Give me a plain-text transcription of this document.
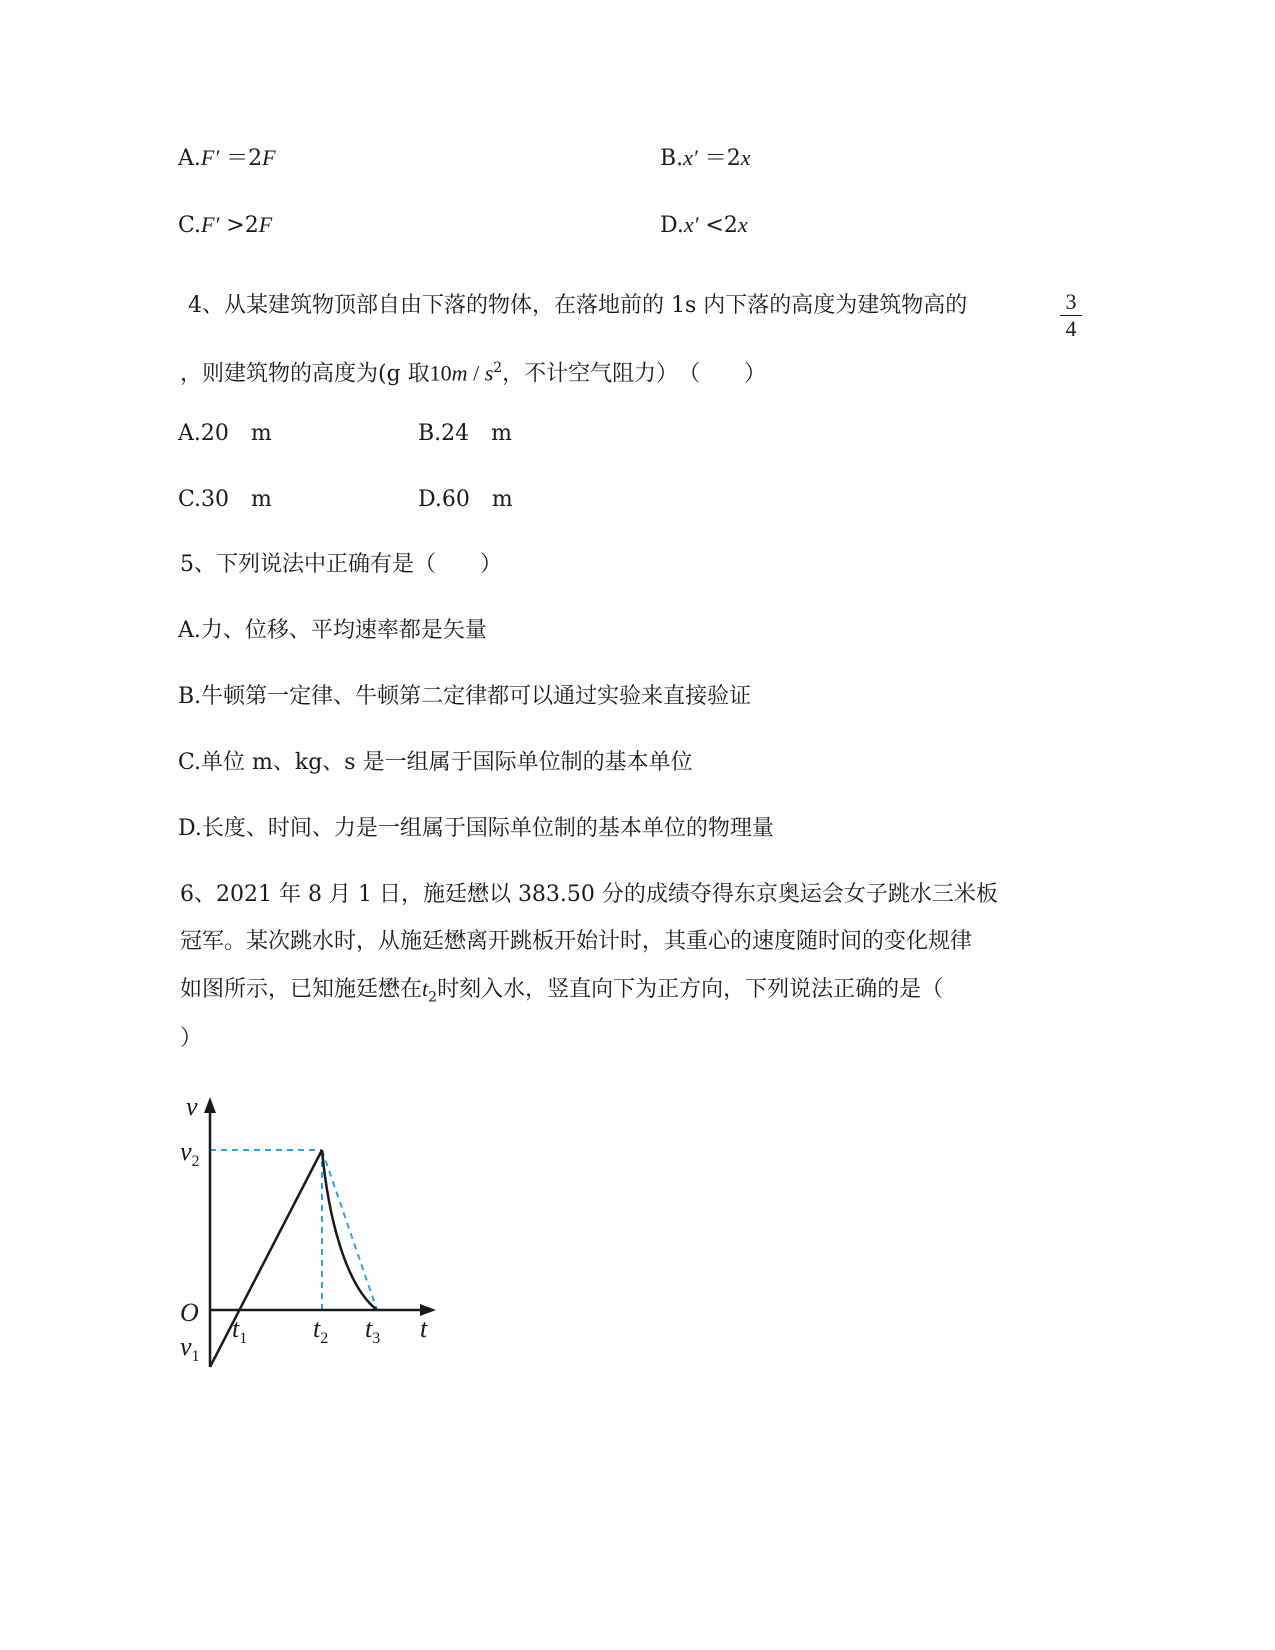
A.F′ ＝2F	B.x′ ＝2x
C.F′ >2F	D.x′ <2x
4、从某建筑物顶部自由下落的物体，在落地前的 1s 内下落的高度为建筑物高的	3
4
，则建筑物的高度为(g 取$10m / s^2$，不计空气阻力）　（　　）
A.20　m	B.24　m
C.30　m	D.60　m
5、下列说法中正确有是（　　）
A.力、位移、平均速率都是矢量
B.牛顿第一定律、牛顿第二定律都可以通过实验来直接验证
C.单位 m、kg、s 是一组属于国际单位制的基本单位
D.长度、时间、力是一组属于国际单位制的基本单位的物理量
6、2021 年 8 月 1 日，施廷懋以 383.50 分的成绩夺得东京奥运会女子跳水三米板
冠军。某次跳水时，从施廷懋离开跳板开始计时，其重心的速度随时间的变化规律
如图所示，已知施廷懋在$t_2$时刻入水，竖直向下为正方向，下列说法正确的是（
）
v
$v_2$
O
$v_1$
$t_1$	$t_2$ $t_3$ t
